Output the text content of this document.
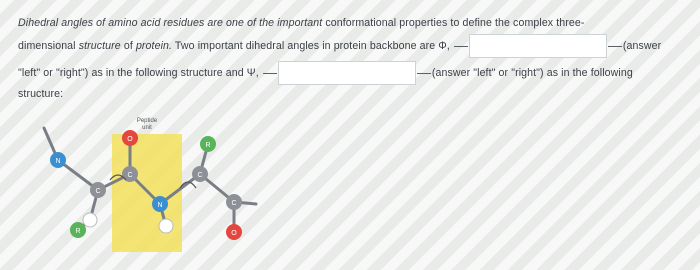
Dihedral angles of amino acid residues are one of the important conformational properties to define the complex three-
dimensional structure of protein. Two important dihedral angles in protein backbone are Φ,	(answer
"left" or "right") as in the following structure and Ψ,	(answer "left" or "right") as in the following
structure:
Peptide
unit
N
C
R
C
O
N
C
R
C
O
